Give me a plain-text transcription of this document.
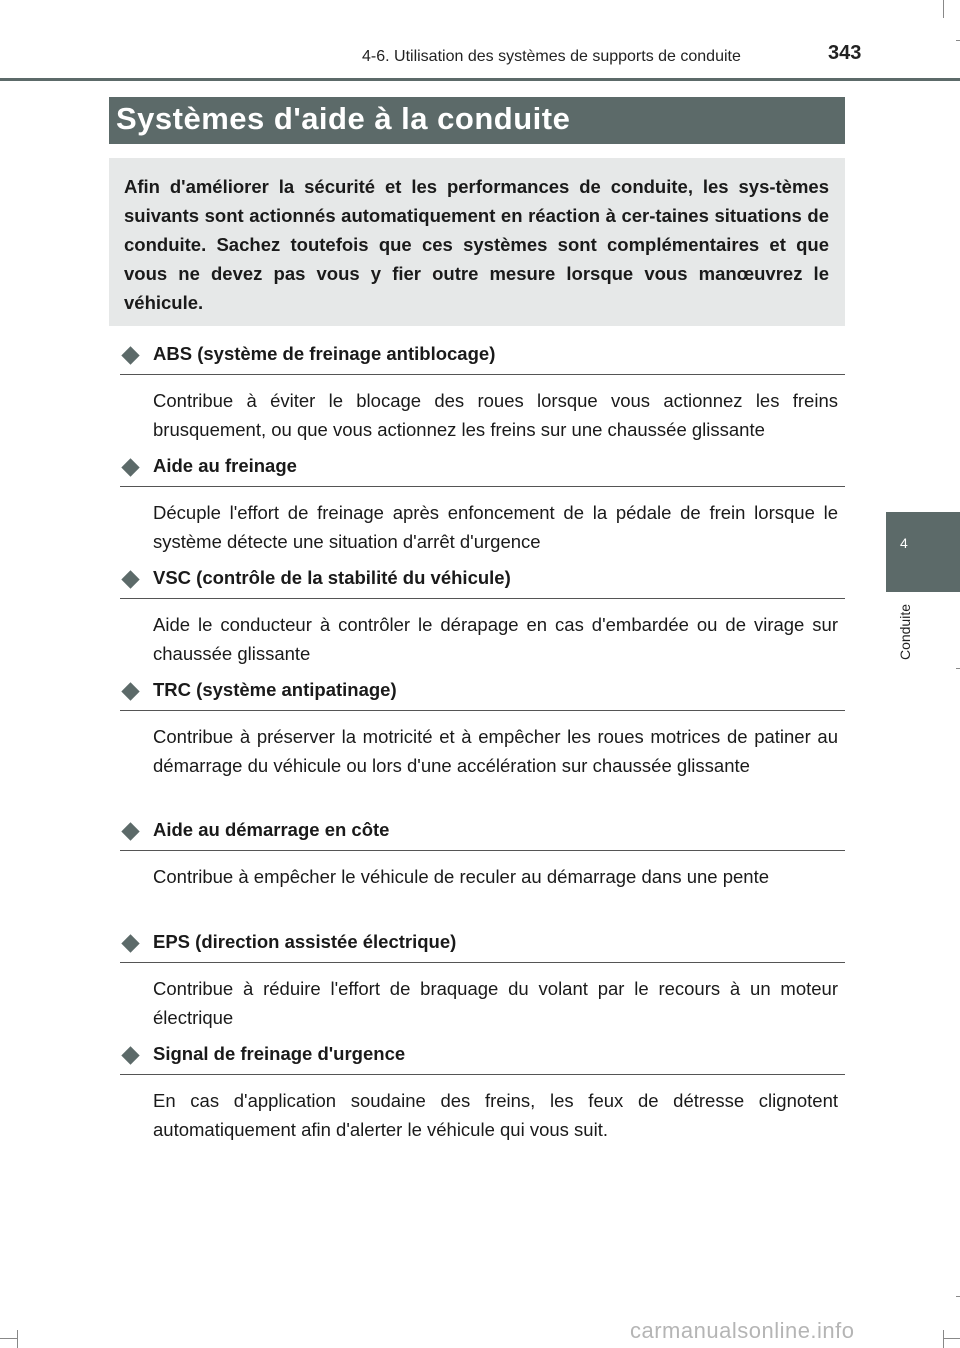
4-6. Utilisation des systèmes de supports de conduite	343
Systèmes d'aide à la conduite
Afin d'améliorer la sécurité et les performances de conduite, les sys-tèmes suivants sont actionnés automatiquement en réaction à cer-taines situations de conduite. Sachez toutefois que ces systèmes sont complémentaires et que vous ne devez pas vous y fier outre mesure lorsque vous manœuvrez le véhicule.
ABS (système de freinage antiblocage)
Contribue à éviter le blocage des roues lorsque vous actionnez les freins brusquement, ou que vous actionnez les freins sur une chaussée glissante
Aide au freinage
Décuple l'effort de freinage après enfoncement de la pédale de frein lorsque le système détecte une situation d'arrêt d'urgence
VSC (contrôle de la stabilité du véhicule)
Aide le conducteur à contrôler le dérapage en cas d'embardée ou de virage sur chaussée glissante
TRC (système antipatinage)
Contribue à préserver la motricité et à empêcher les roues motrices de patiner au démarrage du véhicule ou lors d'une accélération sur chaussée glissante
Aide au démarrage en côte
Contribue à empêcher le véhicule de reculer au démarrage dans une pente
EPS (direction assistée électrique)
Contribue à réduire l'effort de braquage du volant par le recours à un moteur électrique
Signal de freinage d'urgence
En cas d'application soudaine des freins, les feux de détresse clignotent automatiquement afin d'alerter le véhicule qui vous suit.
4
Conduite
carmanualsonline.info
